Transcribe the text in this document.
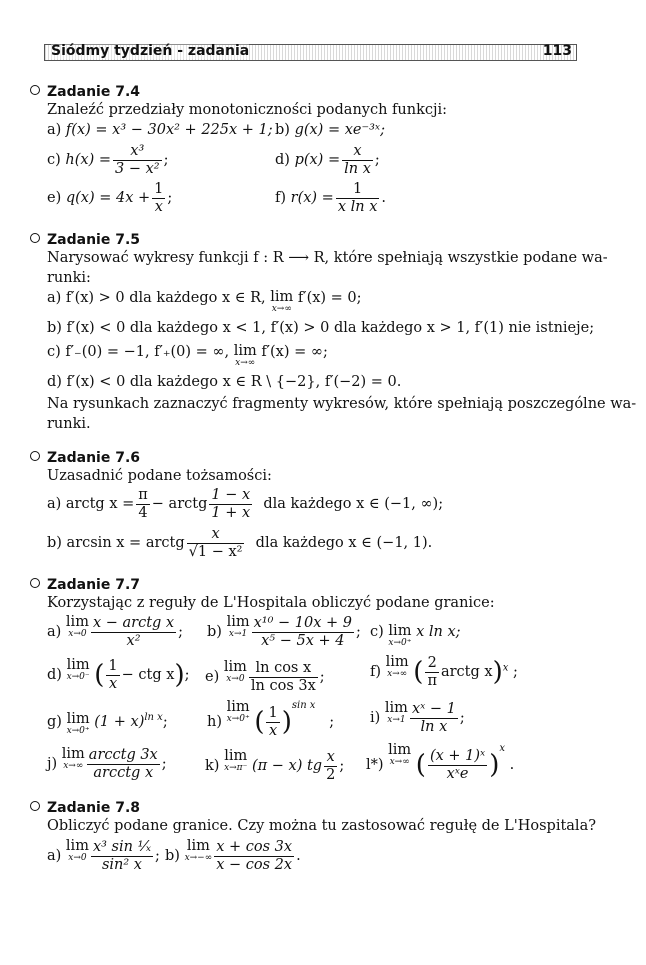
Siódmy tydzień - zadania	113
Zadanie 7.4
Znaleźć przedziały monotoniczności podanych funkcji:
a) f(x) = x³ − 30x² + 225x + 1; b) g(x) = xe⁻³ˣ;
c) $h(x) = \frac{\text{x³}}{\text{3 − x²}}$ ;	d) $p(x) = \frac{x}{\text{ln x}}$ ;
e) $q(x) = 4x + \frac{1}{x}$ ;	f) $r(x) = \frac{1}{\text{x ln x}}$ .
Zadanie 7.5
Narysować wykresy funkcji f : R ⟶ R, które spełniają wszystkie podane wa-
runki:
a) f′(x) > 0 dla każdego x ∈ R, lim
x→∞
f′(x) = 0;
b) f′(x) < 0 dla każdego x < 1, f′(x) > 0 dla każdego x > 1, f′(1) nie istnieje;
c) f′₋(0) = −1, f′₊(0) = ∞, lim
x→∞
f′(x) = ∞;
d) f′(x) < 0 dla każdego x ∈ R \ {−2}, f′(−2) = 0.
Na rysunkach zaznaczyć fragmenty wykresów, które spełniają poszczególne wa-
runki.
Zadanie 7.6
Uzasadnić podane tożsamości:
a) arctg $x = \frac{\pi}{4}$ − arctg $\frac{1 - x}{1 + x}$ dla każdego x ∈ (−1, ∞);
b) arcsin x = arctg $\frac{x}{\text{√1 − x²}}$ dla każdego x ∈ (−1, 1).
Zadanie 7.7
Korzystając z reguły de L'Hospitala obliczyć podane granice:
a) lim
x→0
x − arctg x
x²
; b) lim
$x\to 1 \frac{\text{x¹⁰ − 10x + 9}}{\text{x⁵ − 5x + 4}}$ ; c) lim
x→0⁺
x ln x;
d) lim
x→0⁻ ( $\frac{1}{x}$ − ctg x); e) lim
$x\to 0 \frac{\text{ln cos x}}{\text{ln cos 3x}}$ ;	f) lim
x→∞ ( $\frac{2}{\pi}$ arctg x)$^x$ ;
g) lim
x→0⁺
$(1 + x)^{ln x}$;	h) lim
x→0⁺ ( $\frac{1}{x} )^{sin x}$   ; i) lim
$x\to 1 \frac{\text{xˣ − 1}}{\text{ln x}}$ ;
j) lim
x→∞
arcctg 3x
arcctg x
;	k) lim
x→π⁻ (π − x) tg $\frac{x}{2}$ ; l*) lim
x→∞ ( (x + 1)ˣ
xˣe )$^x$ .
Zadanie 7.8
Obliczyć podane granice. Czy można tu zastosować regułę de L'Hospitala?
a) lim
$x\to 0 \frac{\text{x³ sin ¹⁄ₓ}}{\text{sin² x}}$ ; b) lim
$x\to-\infty \frac{x + \cos 3x}{x - \cos 2x}$ .
